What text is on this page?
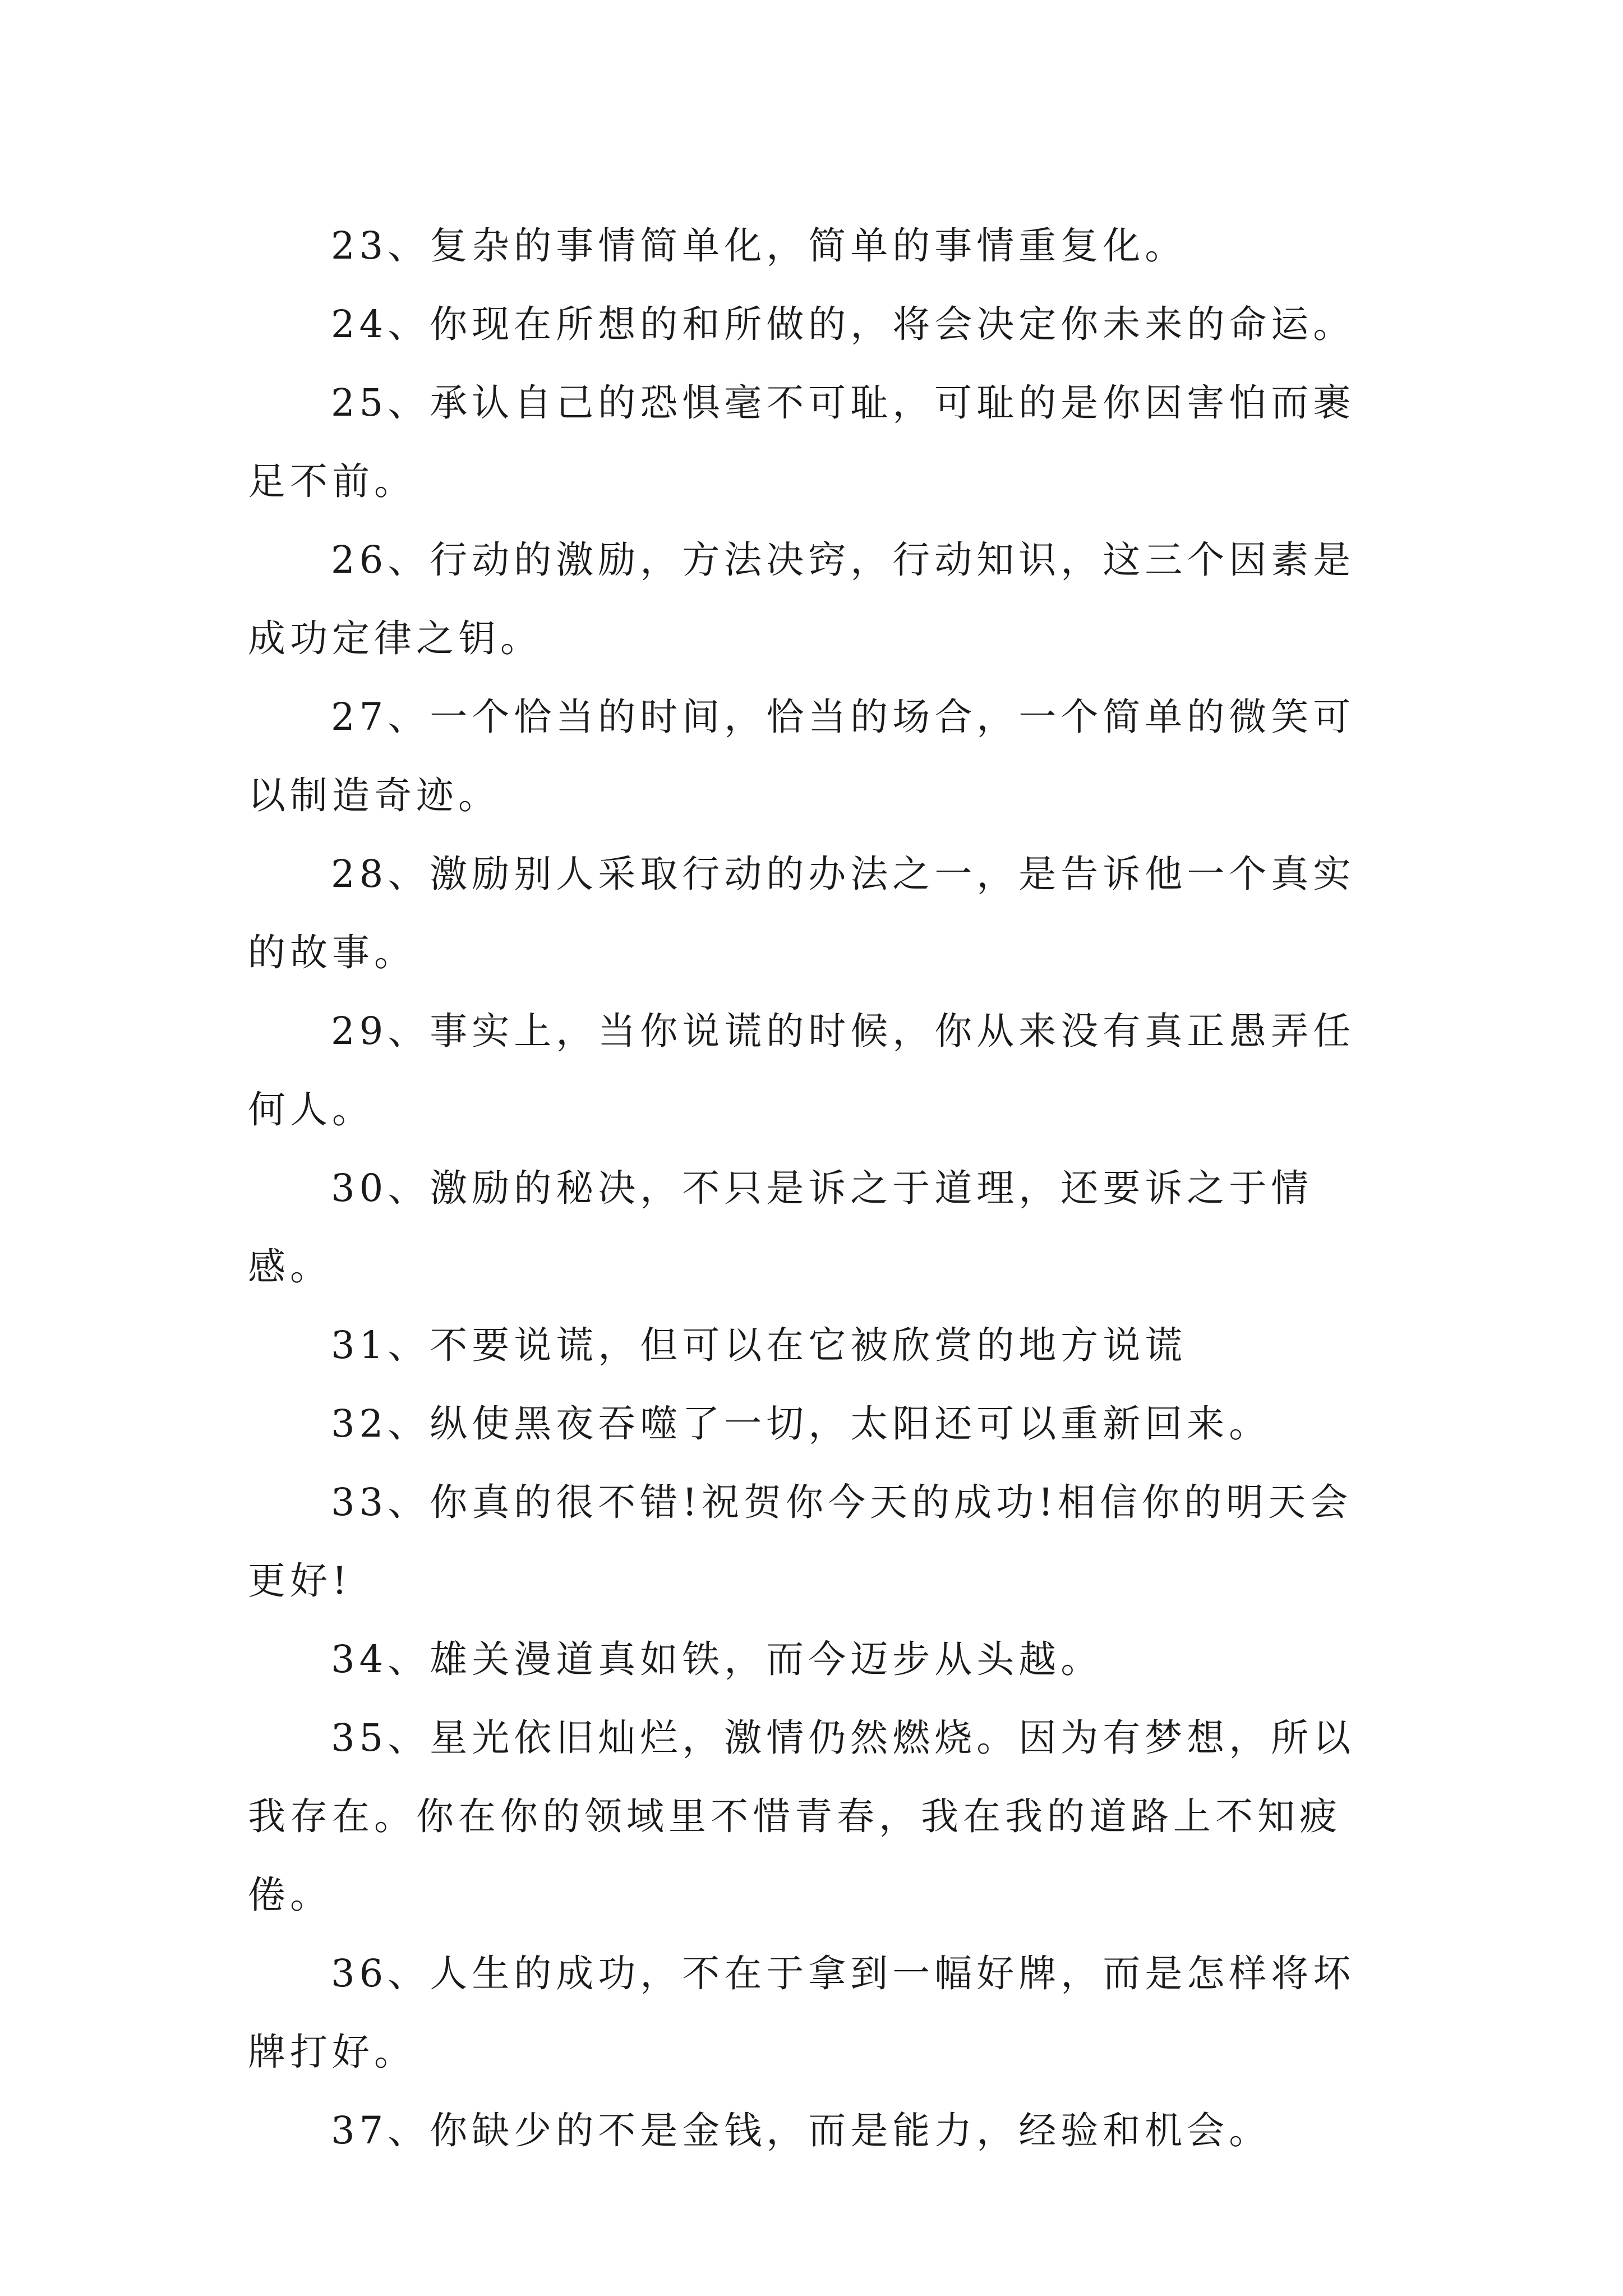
23、复杂的事情简单化，简单的事情重复化。

24、你现在所想的和所做的，将会决定你未来的命运。

25、承认自己的恐惧毫不可耻，可耻的是你因害怕而裹足不前。

26、行动的激励，方法决窍，行动知识，这三个因素是成功定律之钥。

27、一个恰当的时间，恰当的场合，一个简单的微笑可以制造奇迹。

28、激励别人采取行动的办法之一，是告诉他一个真实的故事。

29、事实上，当你说谎的时候，你从来没有真正愚弄任何人。

30、激励的秘决，不只是诉之于道理，还要诉之于情感。

31、不要说谎，但可以在它被欣赏的地方说谎

32、纵使黑夜吞噬了一切，太阳还可以重新回来。

33、你真的很不错!祝贺你今天的成功!相信你的明天会更好!

34、雄关漫道真如铁，而今迈步从头越。

35、星光依旧灿烂，激情仍然燃烧。因为有梦想，所以我存在。你在你的领域里不惜青春，我在我的道路上不知疲倦。

36、人生的成功，不在于拿到一幅好牌，而是怎样将坏牌打好。

37、你缺少的不是金钱，而是能力，经验和机会。
